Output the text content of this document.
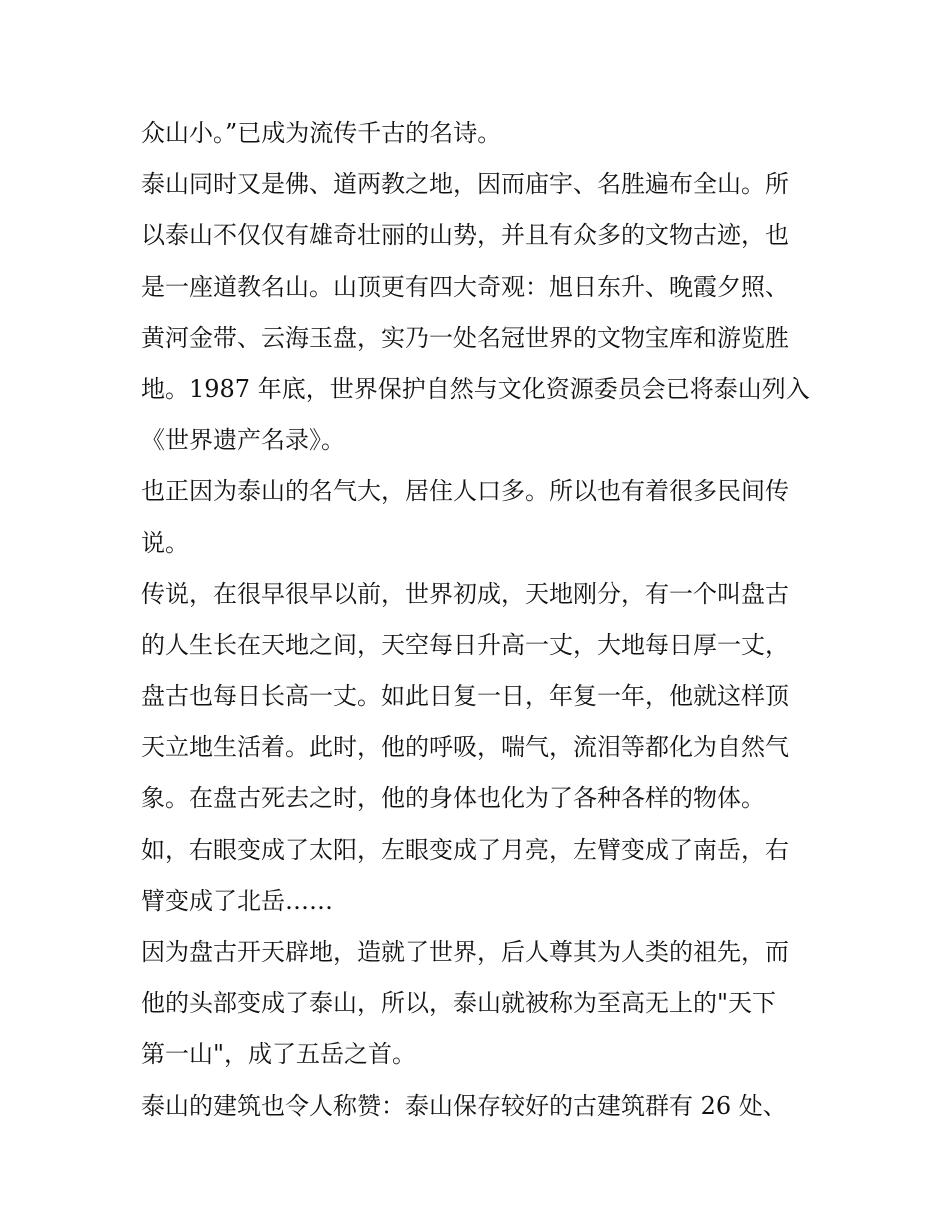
众山小。”已成为流传千古的名诗。
泰山同时又是佛、道两教之地，因而庙宇、名胜遍布全山。所
以泰山不仅仅有雄奇壮丽的山势，并且有众多的文物古迹，也
是一座道教名山。山顶更有四大奇观：旭日东升、晚霞夕照、
黄河金带、云海玉盘，实乃一处名冠世界的文物宝库和游览胜
地。1987 年底，世界保护自然与文化资源委员会已将泰山列入
《世界遗产名录》。
也正因为泰山的名气大，居住人口多。所以也有着很多民间传
说。
传说，在很早很早以前，世界初成，天地刚分，有一个叫盘古
的人生长在天地之间，天空每日升高一丈，大地每日厚一丈，
盘古也每日长高一丈。如此日复一日，年复一年，他就这样顶
天立地生活着。此时，他的呼吸，喘气，流泪等都化为自然气
象。在盘古死去之时，他的身体也化为了各种各样的物体。
如，右眼变成了太阳，左眼变成了月亮，左臂变成了南岳，右
臂变成了北岳……
因为盘古开天辟地，造就了世界，后人尊其为人类的祖先，而
他的头部变成了泰山，所以，泰山就被称为至高无上的"天下
第一山"，成了五岳之首。
泰山的建筑也令人称赞：泰山保存较好的古建筑群有 26 处、
